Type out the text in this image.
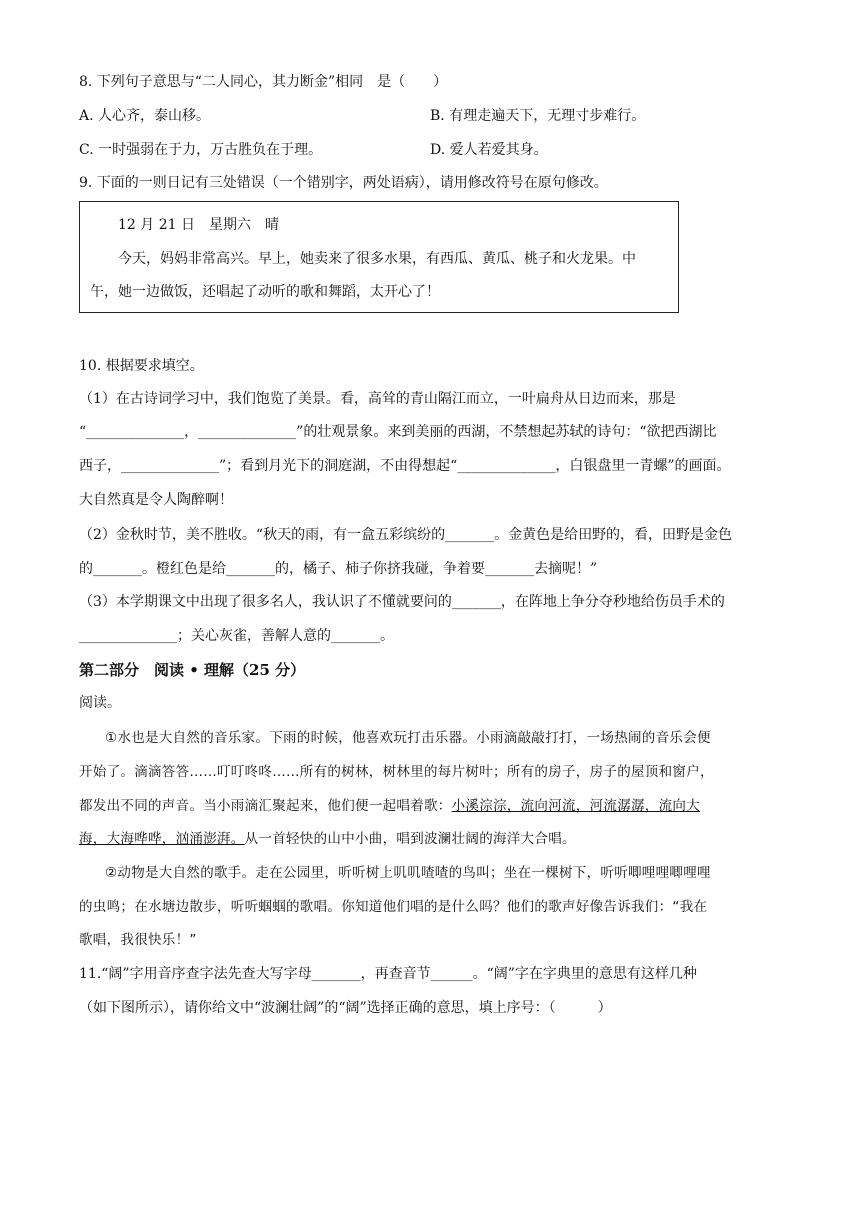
8. 下列句子意思与“二人同心，其力断金”相同　是（　　）
A. 人心齐，泰山移。	B. 有理走遍天下，无理寸步难行。
C. 一时强弱在于力，万古胜负在于理。	D. 爱人若爱其身。
9. 下面的一则日记有三处错误（一个错别字，两处语病），请用修改符号在原句修改。
12 月 21 日　星期六　晴
今天，妈妈非常高兴。早上，她卖来了很多水果，有西瓜、黄瓜、桃子和火龙果。中
午，她一边做饭，还唱起了动听的歌和舞蹈，太开心了！
10. 根据要求填空。
（1）在古诗词学习中，我们饱览了美景。看，高耸的青山隔江而立，一叶扁舟从日边而来，那是
“______________，______________”的壮观景象。来到美丽的西湖，不禁想起苏轼的诗句：“欲把西湖比
西子，______________”；看到月光下的洞庭湖，不由得想起“______________，白银盘里一青螺”的画面。
大自然真是令人陶醉啊！
（2）金秋时节，美不胜收。“秋天的雨，有一盒五彩缤纷的_______。金黄色是给田野的，看，田野是金色
的_______。橙红色是给_______的，橘子、柿子你挤我碰，争着要_______去摘呢！”
（3）本学期课文中出现了很多名人，我认识了不懂就要问的_______，在阵地上争分夺秒地给伤员手术的
______________；关心灰雀，善解人意的_______。
第二部分　阅读 • 理解（25 分）
阅读。
①水也是大自然的音乐家。下雨的时候，他喜欢玩打击乐器。小雨滴敲敲打打，一场热闹的音乐会便
开始了。滴滴答答……叮叮咚咚……所有的树林，树林里的每片树叶；所有的房子，房子的屋顶和窗户，
都发出不同的声音。当小雨滴汇聚起来，他们便一起唱着歌：小溪淙淙，流向河流，河流潺潺，流向大
海，大海哗哗，汹涌澎湃。从一首轻快的山中小曲，唱到波澜壮阔的海洋大合唱。
②动物是大自然的歌手。走在公园里，听听树上叽叽喳喳的鸟叫；坐在一棵树下，听听唧哩哩唧哩哩
的虫鸣；在水塘边散步，听听蝈蝈的歌唱。你知道他们唱的是什么吗？他们的歌声好像告诉我们：“我在
歌唱，我很快乐！”
11.“阔”字用音序查字法先查大写字母_______，再查音节______。“阔”字在字典里的意思有这样几种
（如下图所示），请你给文中“波澜壮阔”的“阔”选择正确的意思，填上序号：（　　　）
